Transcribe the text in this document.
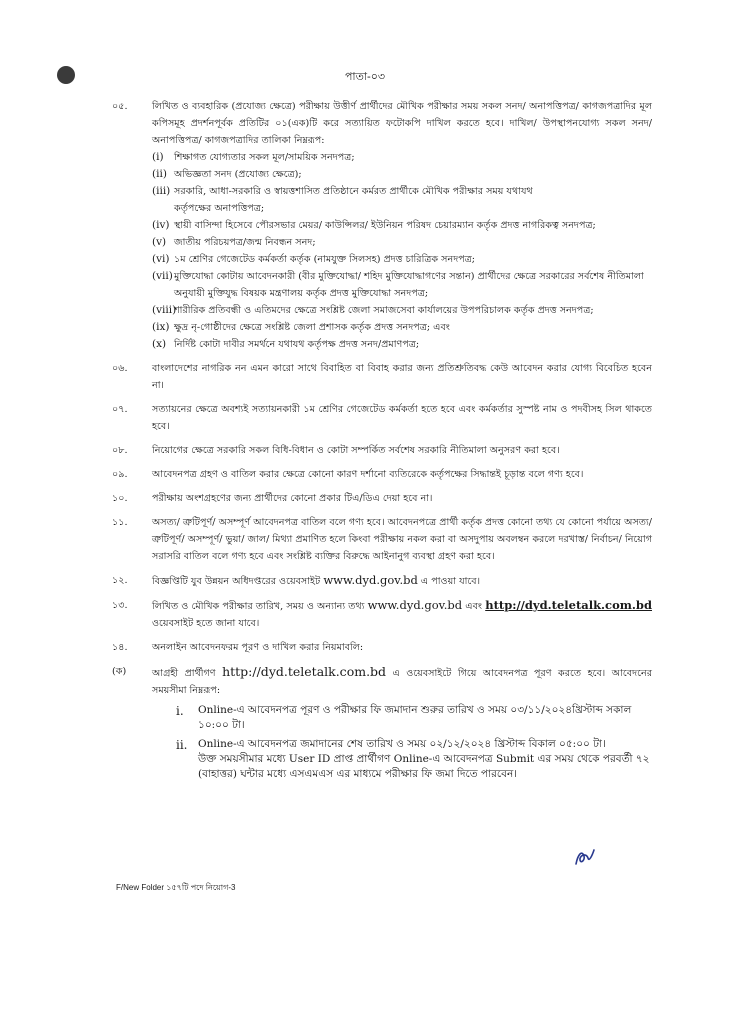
পাতা-০৩
০৫.	লিখিত ও ব্যবহারিক (প্রযোজ্য ক্ষেত্রে) পরীক্ষায় উত্তীর্ণ প্রার্থীদের মৌখিক পরীক্ষার সময় সকল সনদ/ অনাপত্তিপত্র/ কাগজপত্রাদির মূল কপিসমূহ প্রদর্শনপূর্বক প্রতিটির ০১(এক)টি করে সত্যায়িত ফটোকপি দাখিল করতে হবে। দাখিল/ উপস্থাপনযোগ্য সকল সনদ/ অনাপত্তিপত্র/ কাগজপত্রাদির তালিকা নিম্নরূপ:
(i)	শিক্ষাগত যোগ্যতার সকল মূল/সাময়িক সনদপত্র;
(ii) অভিজ্ঞতা সনদ (প্রযোজ্য ক্ষেত্রে);
(iii) সরকারি, আধা-সরকারি ও স্বায়ত্তশাসিত প্রতিষ্ঠানে কর্মরত প্রার্থীকে মৌখিক পরীক্ষার সময় যথাযথ
কর্তৃপক্ষের অনাপত্তিপত্র;
(iv) স্থায়ী বাসিন্দা হিসেবে পৌরসভার মেয়র/ কাউন্সিলর/ ইউনিয়ন পরিষদ চেয়ারম্যান কর্তৃক প্রদত্ত নাগরিকত্ব সনদপত্র;
(v) জাতীয় পরিচয়পত্র/জন্ম নিবন্ধন সনদ;
(vi) ১ম শ্রেণির গেজেটেড কর্মকর্তা কর্তৃক (নামযুক্ত সিলসহ) প্রদত্ত চারিত্রিক সনদপত্র;
(vii) মুক্তিযোদ্ধা কোটায় আবেদনকারী (বীর মুক্তিযোদ্ধা/ শহিদ মুক্তিযোদ্ধাগণের সন্তান) প্রার্থীদের ক্ষেত্রে সরকারের সর্বশেষ নীতিমালা অনুযায়ী মুক্তিযুদ্ধ বিষয়ক মন্ত্রণালয় কর্তৃক প্রদত্ত মুক্তিযোদ্ধা সনদপত্র;
(viii)
শারীরিক প্রতিবন্ধী ও এতিমদের ক্ষেত্রে সংশ্লিষ্ট জেলা সমাজসেবা কার্যালয়ের উপপরিচালক কর্তৃক প্রদত্ত সনদপত্র;
(ix) ক্ষুদ্র নৃ-গোষ্ঠীদের ক্ষেত্রে সংশ্লিষ্ট জেলা প্রশাসক কর্তৃক প্রদত্ত সনদপত্র; এবং
(x) নির্দিষ্ট কোটা দাবীর সমর্থনে যথাযথ কর্তৃপক্ষ প্রদত্ত সনদ/প্রমাণপত্র;
০৬.	বাংলাদেশের নাগরিক নন এমন কারো সাথে বিবাহিত বা বিবাহ করার জন্য প্রতিশ্রুতিবদ্ধ কেউ আবেদন করার যোগ্য বিবেচিত হবেন না।
০৭.	সত্যায়নের ক্ষেত্রে অবশ্যই সত্যায়নকারী ১ম শ্রেণির গেজেটেড কর্মকর্তা হতে হবে এবং কর্মকর্তার সুস্পষ্ট নাম ও পদবীসহ সিল থাকতে হবে।
০৮.	নিয়োগের ক্ষেত্রে সরকারি সকল বিধি-বিধান ও কোটা সম্পর্কিত সর্বশেষ সরকারি নীতিমালা অনুসরণ করা হবে।
০৯.	আবেদনপত্র গ্রহণ ও বাতিল করার ক্ষেত্রে কোনো কারণ দর্শানো ব্যতিরেকে কর্তৃপক্ষের সিদ্ধান্তই চূড়ান্ত বলে গণ্য হবে।
১০.	পরীক্ষায় অংশগ্রহণের জন্য প্রার্থীদের কোনো প্রকার টিএ/ডিএ দেয়া হবে না।
১১.	অসত্য/ ত্রুটিপূর্ণ/ অসম্পূর্ণ আবেদনপত্র বাতিল বলে গণ্য হবে। আবেদনপত্রে প্রার্থী কর্তৃক প্রদত্ত কোনো তথ্য যে কোনো পর্যায়ে অসত্য/ ত্রুটিপূর্ণ/ অসম্পূর্ণ/ ভুয়া/ জাল/ মিথ্যা প্রমাণিত হলে কিংবা পরীক্ষায় নকল করা বা অসদুপায় অবলম্বন করলে দরখাস্ত/ নির্বাচন/ নিয়োগ সরাসরি বাতিল বলে গণ্য হবে এবং সংশ্লিষ্ট ব্যক্তির বিরুদ্ধে আইনানুগ ব্যবস্থা গ্রহণ করা হবে।
১২.	বিজ্ঞপ্তিটি যুব উন্নয়ন অধিদপ্তরের ওয়েবসাইট www.dyd.gov.bd এ পাওয়া যাবে।
১৩.	লিখিত ও মৌখিক পরীক্ষার তারিখ, সময় ও অন্যান্য তথ্য www.dyd.gov.bd এবং http://dyd.teletalk.com.bd ওয়েবসাইট হতে জানা যাবে।
১৪.	অনলাইন আবেদনফরম পূরণ ও দাখিল করার নিয়মাবলি:
(ক)	আগ্রহী প্রার্থীগণ http://dyd.teletalk.com.bd এ ওয়েবসাইটে গিয়ে আবেদনপত্র পূরণ করতে হবে। আবেদনের সময়সীমা নিম্নরূপ:
i.	Online-এ আবেদনপত্র পূরণ ও পরীক্ষার ফি জমাদান শুরুর তারিখ ও সময় ০৩/১১/২০২৪খ্রিস্টাব্দ সকাল ১০:০০ টা।
ii.	Online-এ আবেদনপত্র জমাদানের শেষ তারিখ ও সময় ০২/১২/২০২৪ খ্রিস্টাব্দ বিকাল ০৫:০০ টা।
উক্ত সময়সীমার মধ্যে User ID প্রাপ্ত প্রার্থীগণ Online-এ আবেদনপত্র Submit এর সময় থেকে পরবর্তী ৭২ (বাহাত্তর) ঘন্টার মধ্যে এসএমএস এর মাধ্যমে পরীক্ষার ফি জমা দিতে পারবেন।
F/New Folder ১৫৭টি পদে নিয়োগ-3
